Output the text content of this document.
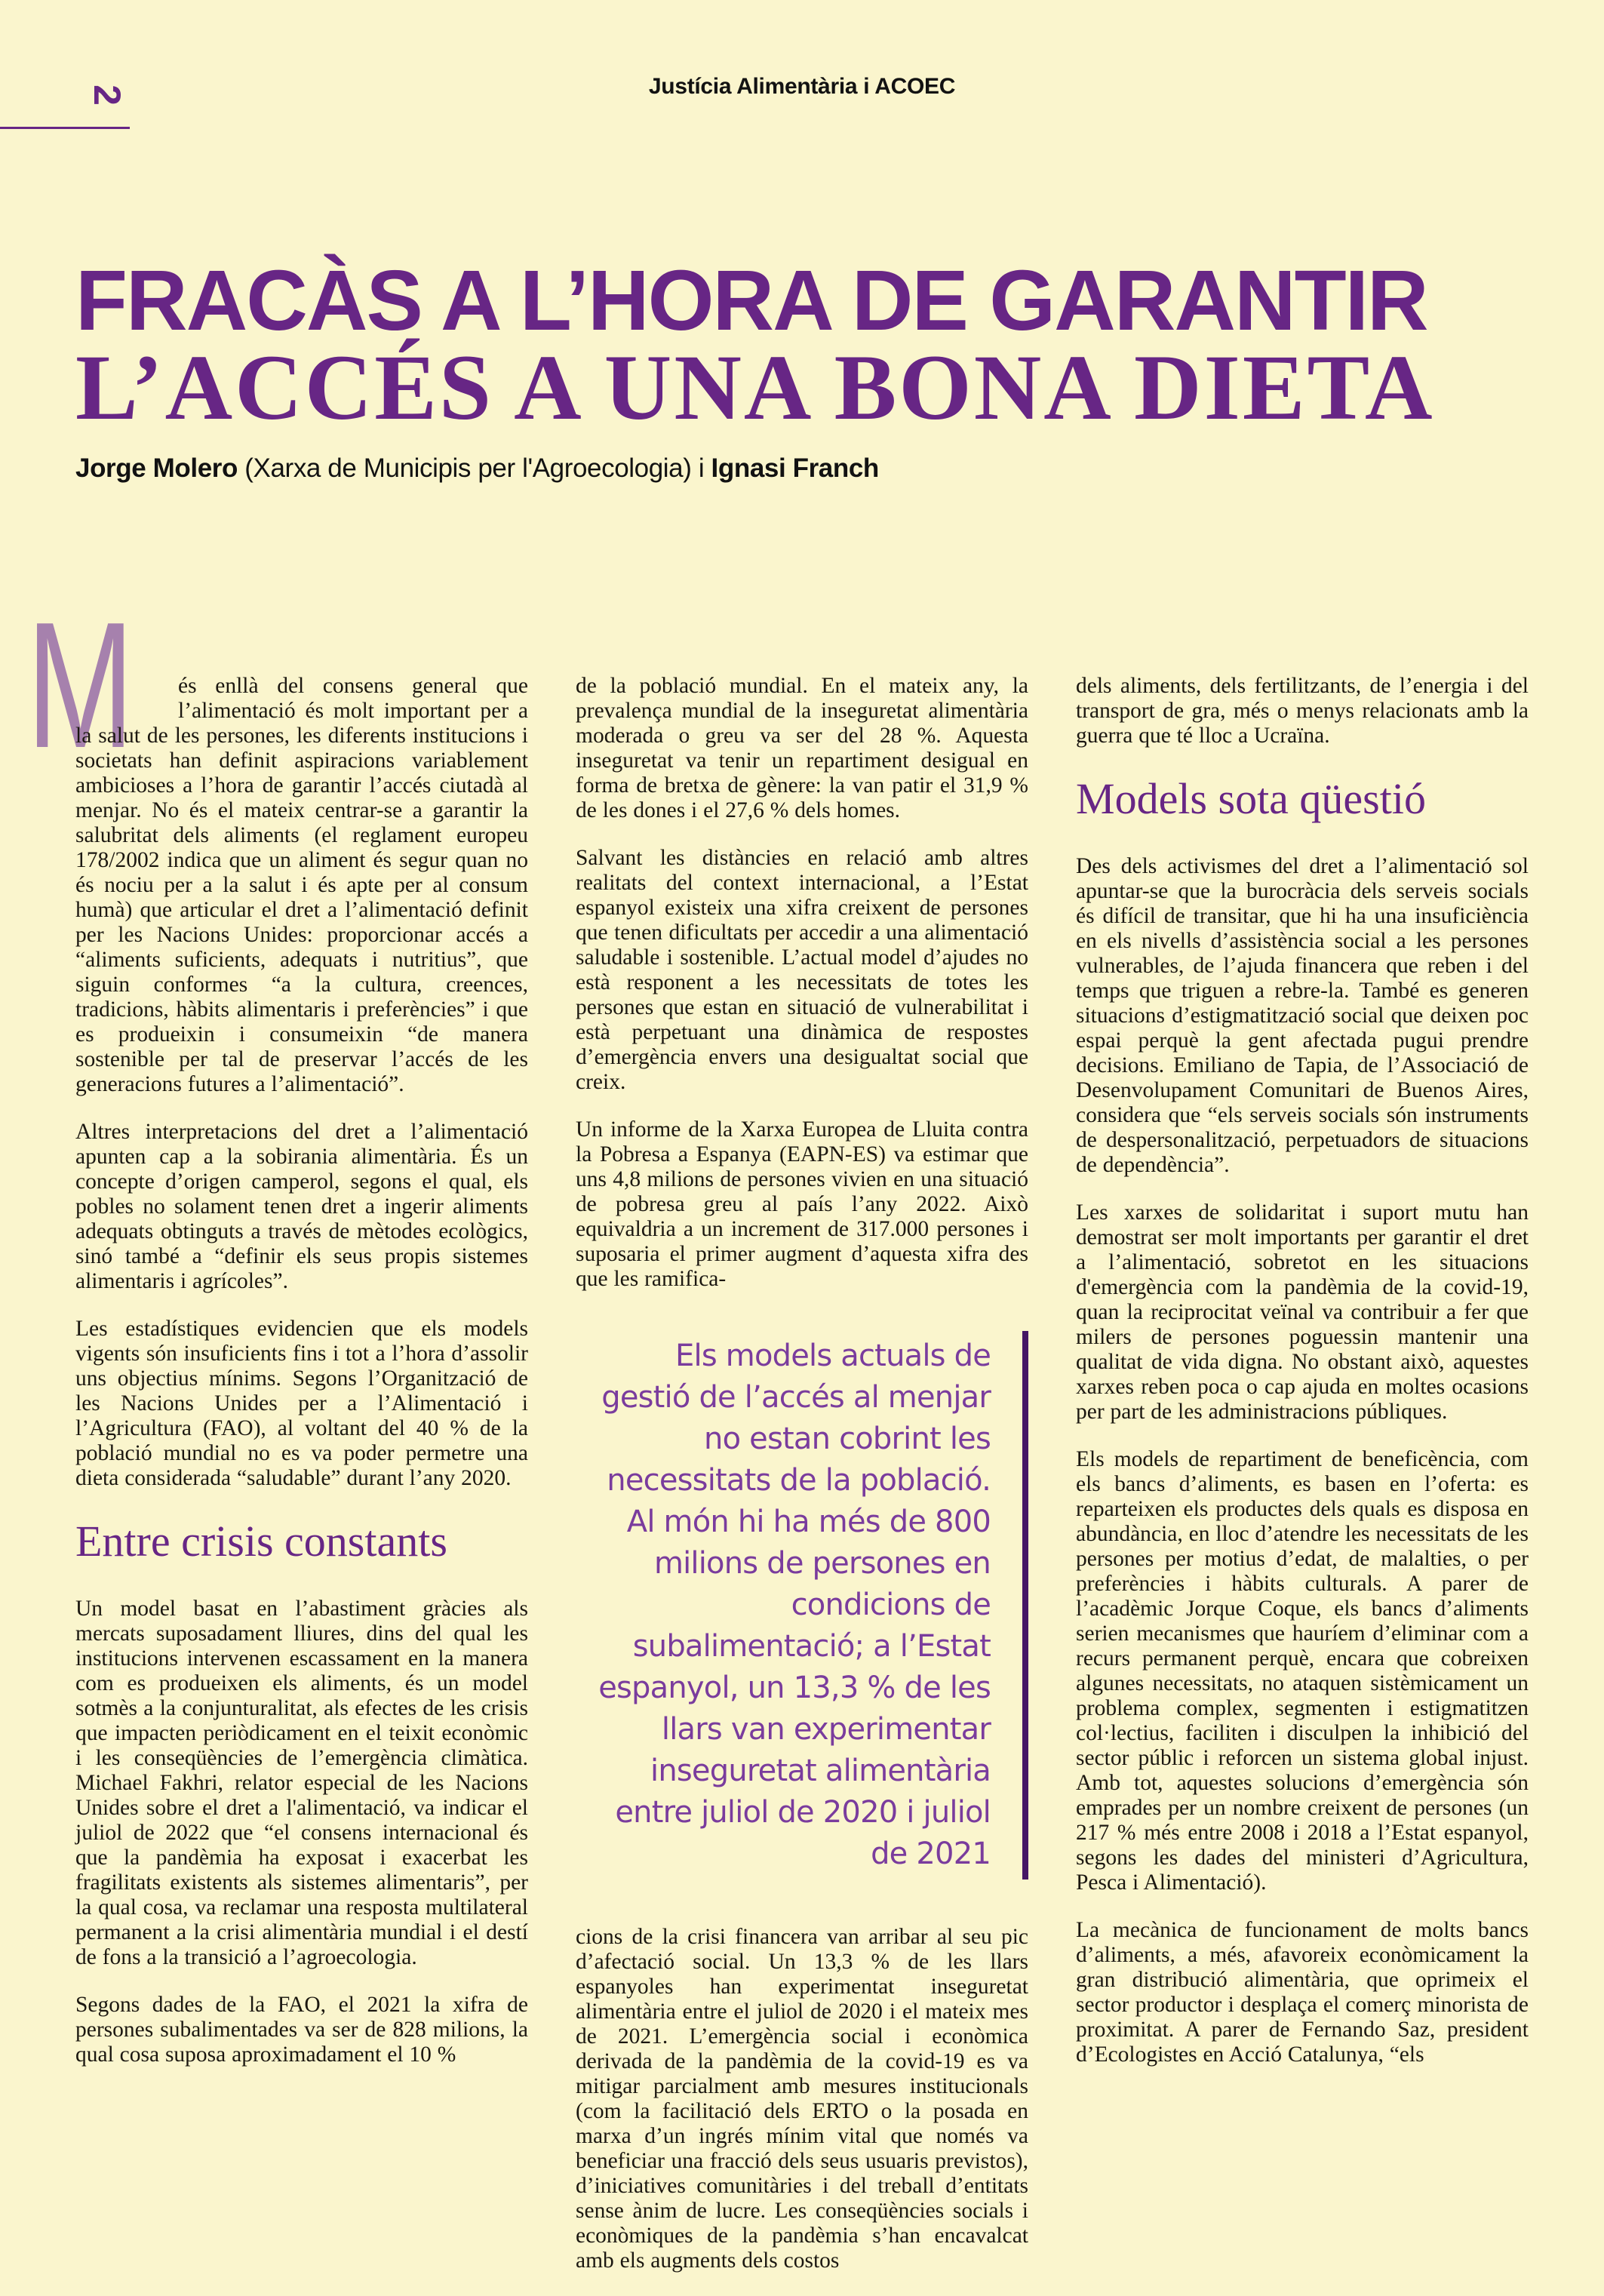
Justícia Alimentària i ACOEC
2
FRACÀS A L’HORA DE GARANTIR
L’ACCÉS A UNA BONA DIETA

Jorge Molero (Xarxa de Municipis per l'Agroecologia) i Ignasi Franch

M és enllà del consens general que l’alimentació és molt important per a la salut de les persones, les diferents institucions i societats han definit aspiracions variablement ambicioses a l’hora de garantir l’accés ciutadà al menjar. No és el mateix centrar-se a garantir la salubritat dels aliments (el reglament europeu 178/2002 indica que un aliment és segur quan no és nociu per a la salut i és apte per al consum humà) que articular el dret a l’alimentació definit per les Nacions Unides: proporcionar accés a “aliments suficients, adequats i nutritius”, que siguin conformes “a la cultura, creences, tradicions, hàbits alimentaris i preferències” i que es produeixin i consumeixin “de manera sostenible per tal de preservar l’accés de les generacions futures a l’alimentació”.

Altres interpretacions del dret a l’alimentació apunten cap a la sobirania alimentària. És un concepte d’origen camperol, segons el qual, els pobles no solament tenen dret a ingerir aliments adequats obtinguts a través de mètodes ecològics, sinó també a “definir els seus propis sistemes alimentaris i agrícoles”.

Les estadístiques evidencien que els models vigents són insuficients fins i tot a l’hora d’assolir uns objectius mínims. Segons l’Organització de les Nacions Unides per a l’Alimentació i l’Agricultura (FAO), al voltant del 40 % de la població mundial no es va poder permetre una dieta considerada “saludable” durant l’any 2020.

Entre crisis constants

Un model basat en l’abastiment gràcies als mercats suposadament lliures, dins del qual les institucions intervenen escassament en la manera com es produeixen els aliments, és un model sotmès a la conjunturalitat, als efectes de les crisis que impacten periòdicament en el teixit econòmic i les conseqüències de l’emergència climàtica. Michael Fakhri, relator especial de les Nacions Unides sobre el dret a l'alimentació, va indicar el juliol de 2022 que “el consens internacional és que la pandèmia ha exposat i exacerbat les fragilitats existents als sistemes alimentaris”, per la qual cosa, va reclamar una resposta multilateral permanent a la crisi alimentària mundial i el destí de fons a la transició a l’agroecologia.

Segons dades de la FAO, el 2021 la xifra de persones subalimentades va ser de 828 milions, la qual cosa suposa aproximadament el 10 %

de la població mundial. En el mateix any, la prevalença mundial de la inseguretat alimentària moderada o greu va ser del 28 %. Aquesta inseguretat va tenir un repartiment desigual en forma de bretxa de gènere: la van patir el 31,9 % de les dones i el 27,6 % dels homes.

Salvant les distàncies en relació amb altres realitats del context internacional, a l’Estat espanyol existeix una xifra creixent de persones que tenen dificultats per accedir a una alimentació saludable i sostenible. L’actual model d’ajudes no està responent a les necessitats de totes les persones que estan en situació de vulnerabilitat i està perpetuant una dinàmica de respostes d’emergència envers una desigualtat social que creix.

Un informe de la Xarxa Europea de Lluita contra la Pobresa a Espanya (EAPN-ES) va estimar que uns 4,8 milions de persones vivien en una situació de pobresa greu al país l’any 2022. Això equivaldria a un increment de 317.000 persones i suposaria el primer augment d’aquesta xifra des que les ramifica-

Els models actuals de gestió de l’accés al menjar no estan cobrint les necessitats de la població. Al món hi ha més de 800 milions de persones en condicions de subalimentació; a l’Estat espanyol, un 13,3 % de les llars van experimentar inseguretat alimentària entre juliol de 2020 i juliol de 2021

cions de la crisi financera van arribar al seu pic d’afectació social. Un 13,3 % de les llars espanyoles han experimentat inseguretat alimentària entre el juliol de 2020 i el mateix mes de 2021. L’emergència social i econòmica derivada de la pandèmia de la covid-19 es va mitigar parcialment amb mesures institucionals (com la facilitació dels ERTO o la posada en marxa d’un ingrés mínim vital que només va beneficiar una fracció dels seus usuaris previstos), d’iniciatives comunitàries i del treball d’entitats sense ànim de lucre. Les conseqüències socials i econòmiques de la pandèmia s’han encavalcat amb els augments dels costos

dels aliments, dels fertilitzants, de l’energia i del transport de gra, més o menys relacionats amb la guerra que té lloc a Ucraïna.

Models sota qüestió

Des dels activismes del dret a l’alimentació sol apuntar-se que la burocràcia dels serveis socials és difícil de transitar, que hi ha una insuficiència en els nivells d’assistència social a les persones vulnerables, de l’ajuda financera que reben i del temps que triguen a rebre-la. També es generen situacions d’estigmatització social que deixen poc espai perquè la gent afectada pugui prendre decisions. Emiliano de Tapia, de l’Associació de Desenvolupament Comunitari de Buenos Aires, considera que “els serveis socials són instruments de despersonalització, perpetuadors de situacions de dependència”.

Les xarxes de solidaritat i suport mutu han demostrat ser molt importants per garantir el dret a l’alimentació, sobretot en les situacions d'emergència com la pandèmia de la covid-19, quan la reciprocitat veïnal va contribuir a fer que milers de persones poguessin mantenir una qualitat de vida digna. No obstant això, aquestes xarxes reben poca o cap ajuda en moltes ocasions per part de les administracions públiques.

Els models de repartiment de beneficència, com els bancs d’aliments, es basen en l’oferta: es reparteixen els productes dels quals es disposa en abundància, en lloc d’atendre les necessitats de les persones per motius d’edat, de malalties, o per preferències i hàbits culturals. A parer de l’acadèmic Jorque Coque, els bancs d’aliments serien mecanismes que hauríem d’eliminar com a recurs permanent perquè, encara que cobreixen algunes necessitats, no ataquen sistèmicament un problema complex, segmenten i estigmatitzen col·lectius, faciliten i disculpen la inhibició del sector públic i reforcen un sistema global injust. Amb tot, aquestes solucions d’emergència són emprades per un nombre creixent de persones (un 217 % més entre 2008 i 2018 a l’Estat espanyol, segons les dades del ministeri d’Agricultura, Pesca i Alimentació).

La mecànica de funcionament de molts bancs d’aliments, a més, afavoreix econòmicament la gran distribució alimentària, que oprimeix el sector productor i desplaça el comerç minorista de proximitat. A parer de Fernando Saz, president d’Ecologistes en Acció Catalunya, “els
